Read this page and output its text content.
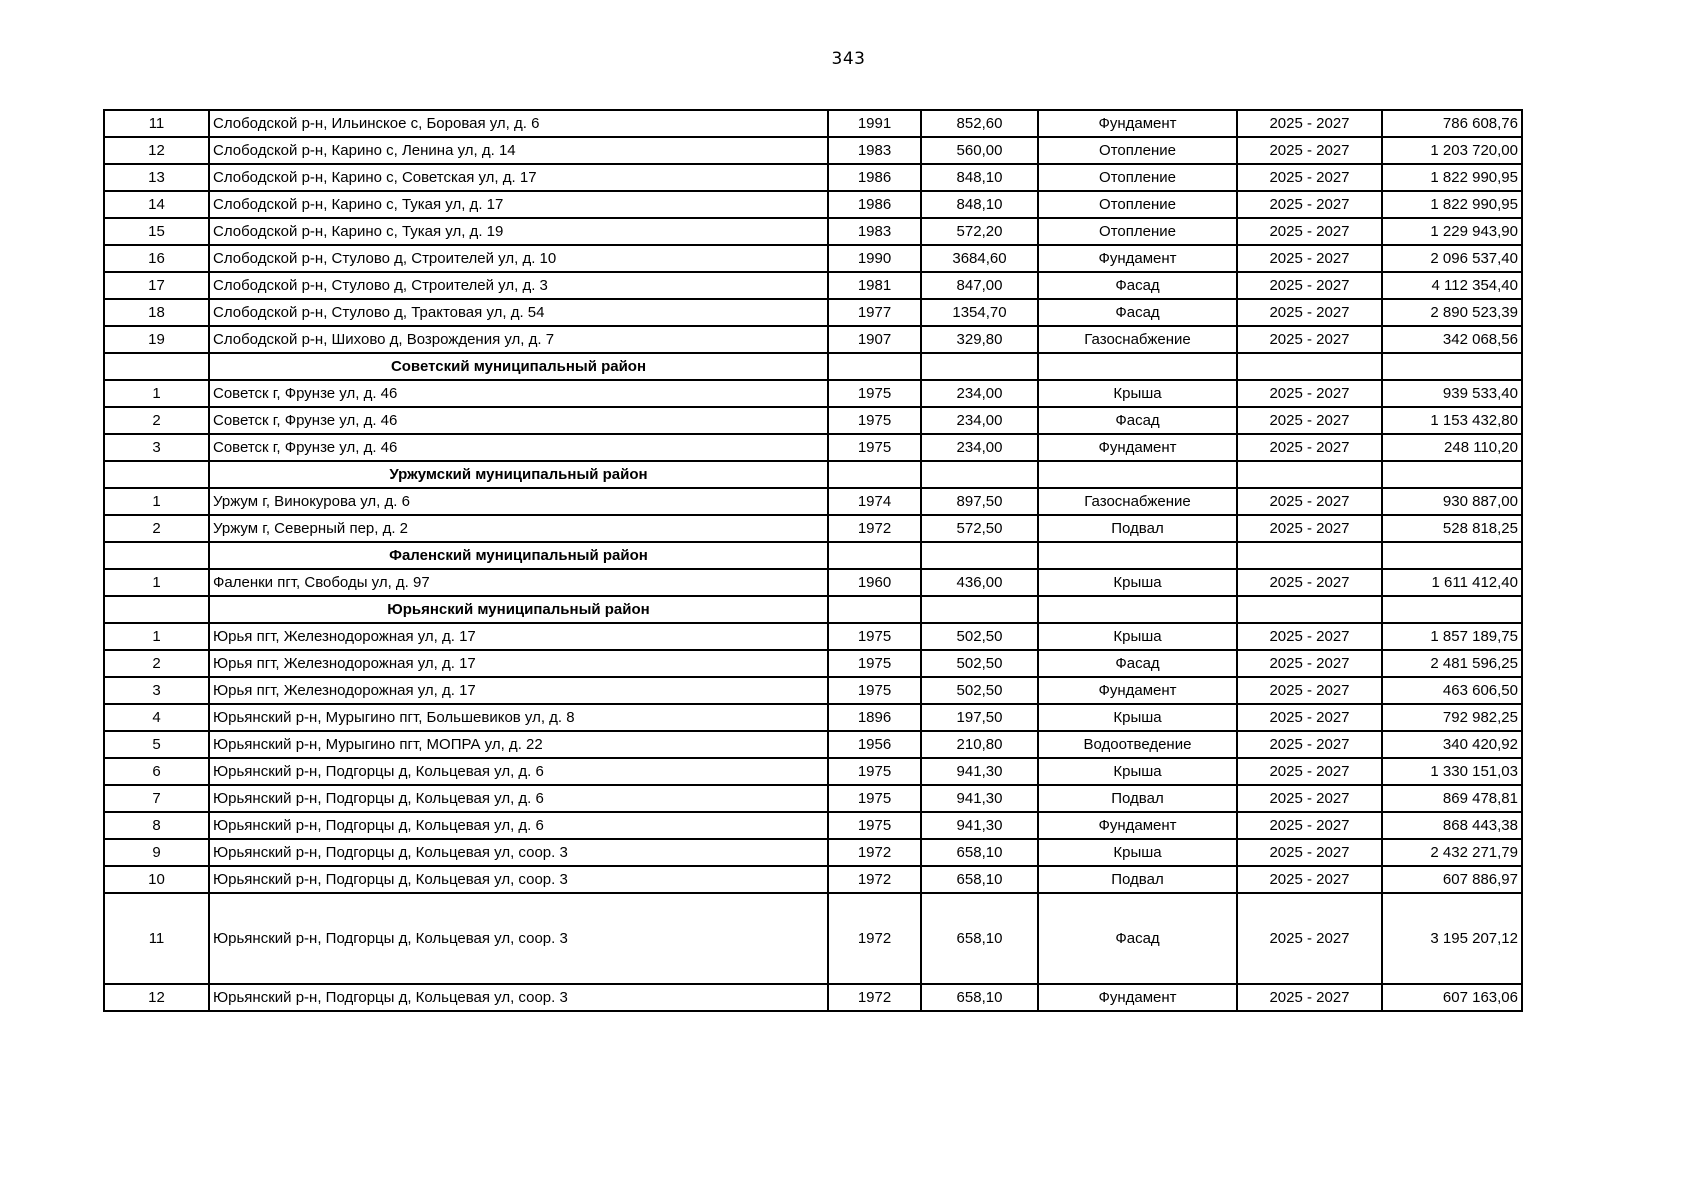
343
11	Слободской р-н, Ильинское с, Боровая ул, д. 6	1991	852,60	Фундамент	2025 - 2027	786 608,76
12	Слободской р-н, Карино с, Ленина ул, д. 14	1983	560,00	Отопление	2025 - 2027	1 203 720,00
13	Слободской р-н, Карино с, Советская ул, д. 17	1986	848,10	Отопление	2025 - 2027	1 822 990,95
14	Слободской р-н, Карино с, Тукая ул, д. 17	1986	848,10	Отопление	2025 - 2027	1 822 990,95
15	Слободской р-н, Карино с, Тукая ул, д. 19	1983	572,20	Отопление	2025 - 2027	1 229 943,90
16	Слободской р-н, Стулово д, Строителей ул, д. 10	1990	3684,60	Фундамент	2025 - 2027	2 096 537,40
17	Слободской р-н, Стулово д, Строителей ул, д. 3	1981	847,00	Фасад	2025 - 2027	4 112 354,40
18	Слободской р-н, Стулово д, Трактовая ул, д. 54	1977	1354,70	Фасад	2025 - 2027	2 890 523,39
19	Слободской р-н, Шихово д, Возрождения ул, д. 7	1907	329,80	Газоснабжение	2025 - 2027	342 068,56
	Советский муниципальный район					
1	Советск г, Фрунзе ул, д. 46	1975	234,00	Крыша	2025 - 2027	939 533,40
2	Советск г, Фрунзе ул, д. 46	1975	234,00	Фасад	2025 - 2027	1 153 432,80
3	Советск г, Фрунзе ул, д. 46	1975	234,00	Фундамент	2025 - 2027	248 110,20
	Уржумский муниципальный район					
1	Уржум г, Винокурова ул, д. 6	1974	897,50	Газоснабжение	2025 - 2027	930 887,00
2	Уржум г, Северный пер, д. 2	1972	572,50	Подвал	2025 - 2027	528 818,25
	Фаленский муниципальный район					
1	Фаленки пгт, Свободы ул, д. 97	1960	436,00	Крыша	2025 - 2027	1 611 412,40
	Юрьянский муниципальный район					
1	Юрья пгт, Железнодорожная ул, д. 17	1975	502,50	Крыша	2025 - 2027	1 857 189,75
2	Юрья пгт, Железнодорожная ул, д. 17	1975	502,50	Фасад	2025 - 2027	2 481 596,25
3	Юрья пгт, Железнодорожная ул, д. 17	1975	502,50	Фундамент	2025 - 2027	463 606,50
4	Юрьянский р-н, Мурыгино пгт, Большевиков ул, д. 8	1896	197,50	Крыша	2025 - 2027	792 982,25
5	Юрьянский р-н, Мурыгино пгт, МОПРА ул, д. 22	1956	210,80	Водоотведение	2025 - 2027	340 420,92
6	Юрьянский р-н, Подгорцы д, Кольцевая ул, д. 6	1975	941,30	Крыша	2025 - 2027	1 330 151,03
7	Юрьянский р-н, Подгорцы д, Кольцевая ул, д. 6	1975	941,30	Подвал	2025 - 2027	869 478,81
8	Юрьянский р-н, Подгорцы д, Кольцевая ул, д. 6	1975	941,30	Фундамент	2025 - 2027	868 443,38
9	Юрьянский р-н, Подгорцы д, Кольцевая ул, соор. 3	1972	658,10	Крыша	2025 - 2027	2 432 271,79
10	Юрьянский р-н, Подгорцы д, Кольцевая ул, соор. 3	1972	658,10	Подвал	2025 - 2027	607 886,97
11	Юрьянский р-н, Подгорцы д, Кольцевая ул, соор. 3	1972	658,10	Фасад	2025 - 2027	3 195 207,12
12	Юрьянский р-н, Подгорцы д, Кольцевая ул, соор. 3	1972	658,10	Фундамент	2025 - 2027	607 163,06
